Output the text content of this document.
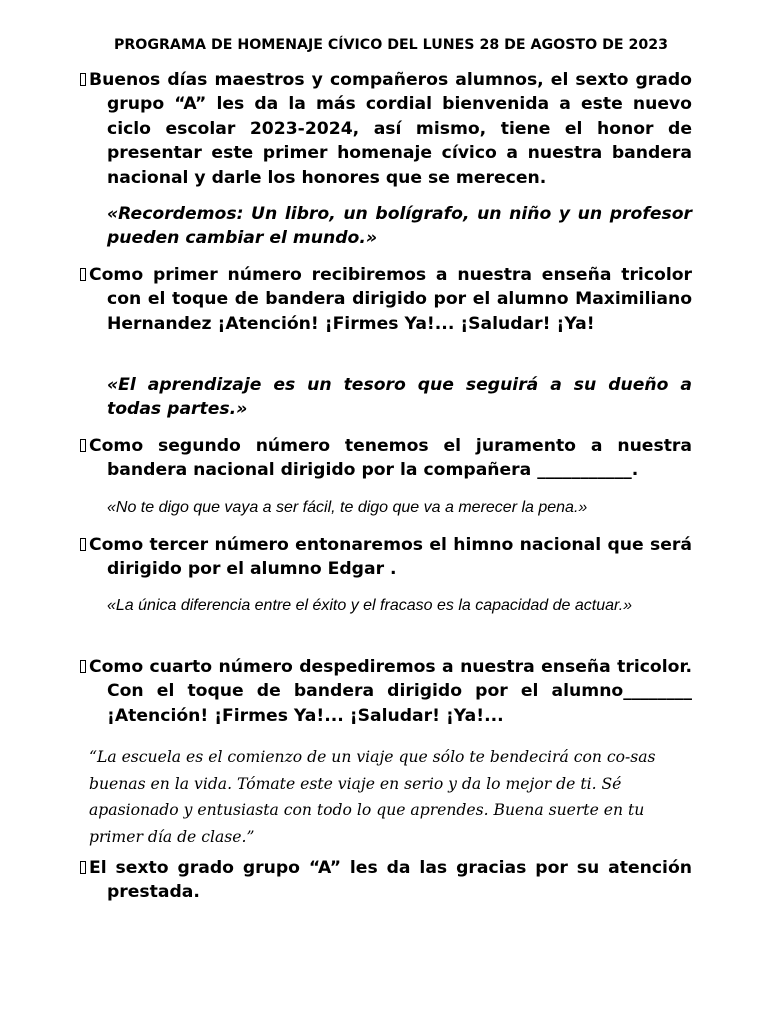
PROGRAMA DE HOMENAJE CÍVICO DEL LUNES 28 DE AGOSTO DE 2023
Buenos días maestros y compañeros alumnos, el sexto grado grupo “A” les da la más cordial bienvenida a este nuevo ciclo escolar 2023-2024, así mismo, tiene el honor de presentar este primer homenaje cívico a nuestra bandera nacional y darle los honores que se merecen.
«Recordemos: Un libro, un bolígrafo, un niño y un profesor pueden cambiar el mundo.»
Como primer número recibiremos a nuestra enseña tricolor con el toque de bandera dirigido por el alumno Maximiliano Hernandez ¡Atención! ¡Firmes Ya!... ¡Saludar! ¡Ya!
«El aprendizaje es un tesoro que seguirá a su dueño a todas partes.»
Como segundo número tenemos el juramento a nuestra bandera nacional dirigido por la compañera ___________.
«No te digo que vaya a ser fácil, te digo que va a merecer la pena.»
Como tercer número entonaremos el himno nacional que será dirigido por el alumno Edgar .
«La única diferencia entre el éxito y el fracaso es la capacidad de actuar.»
Como cuarto número despediremos a nuestra enseña tricolor. Con el toque de bandera dirigido por el alumno________ ¡Atención! ¡Firmes Ya!... ¡Saludar! ¡Ya!...
“La escuela es el comienzo de un viaje que sólo te bendecirá con co-sas buenas en la vida. Tómate este viaje en serio y da lo mejor de ti. Sé apasionado y entusiasta con todo lo que aprendes. Buena suerte en tu primer día de clase.”
El sexto grado grupo “A” les da las gracias por su atención prestada.
